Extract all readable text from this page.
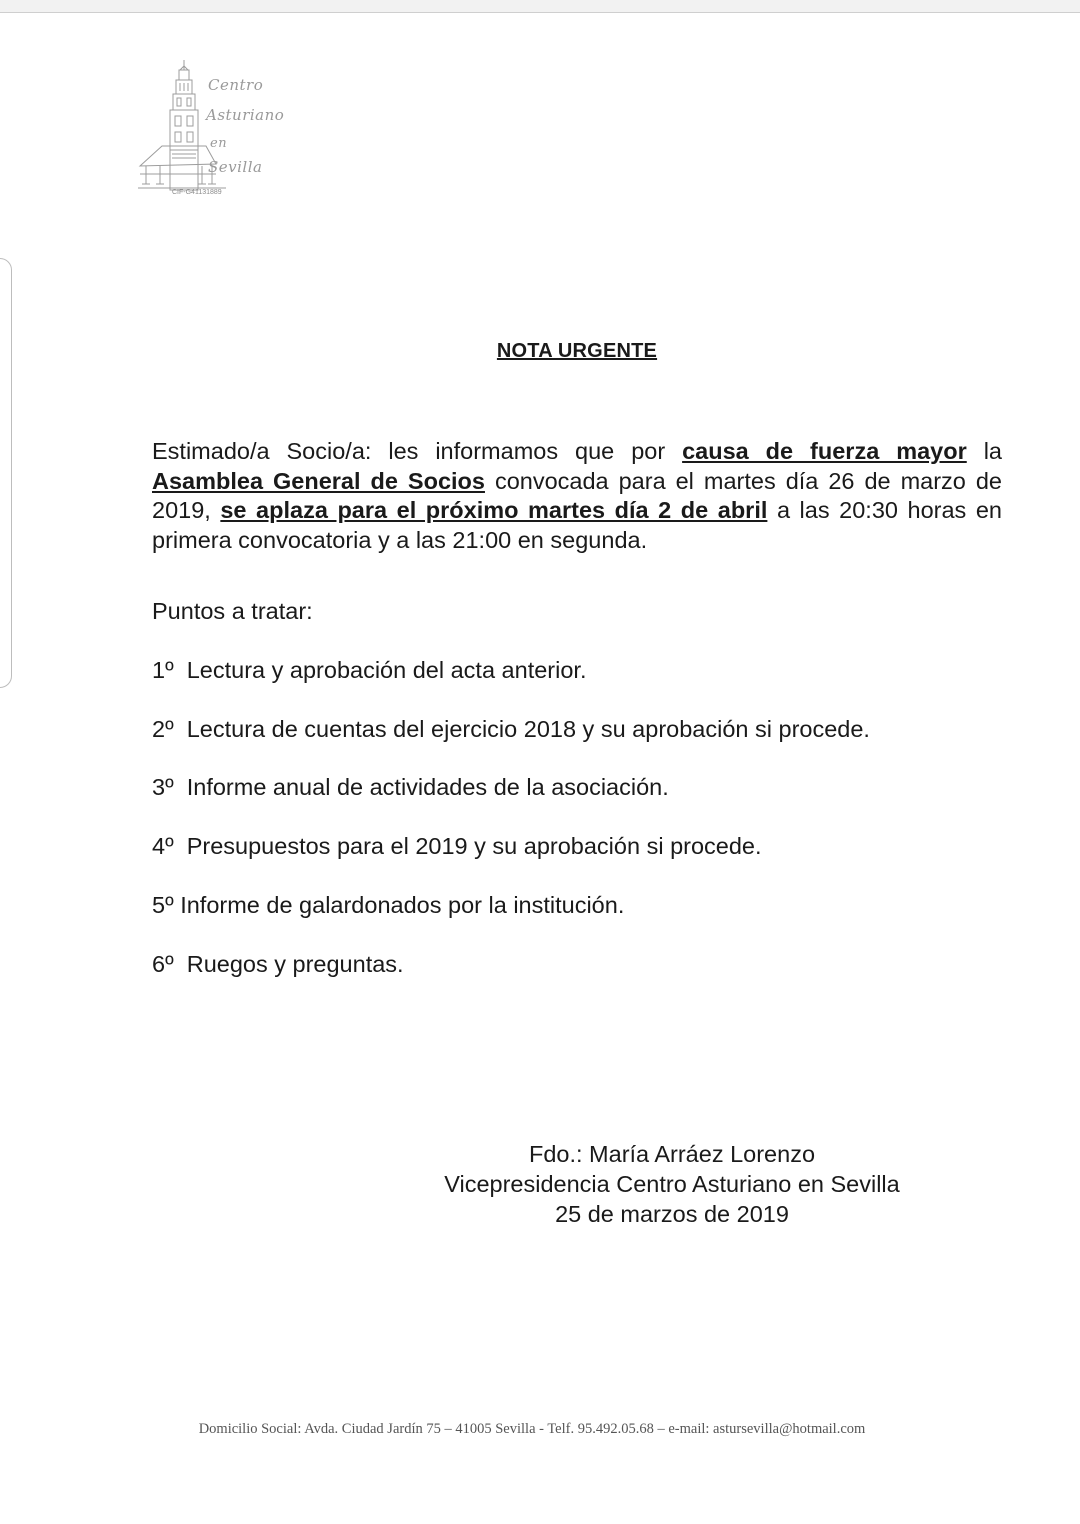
Centro
Asturiano
en
Sevilla
CIF-G41131889
NOTA URGENTE
Estimado/a Socio/a: les informamos que por causa de fuerza mayor la Asamblea General de Socios convocada para el martes día 26 de marzo de 2019, se aplaza para el próximo martes día 2 de abril a las 20:30 horas en primera convocatoria y a las 21:00 en segunda.
Puntos a tratar:
1º Lectura y aprobación del acta anterior.
2º Lectura de cuentas del ejercicio 2018 y su aprobación si procede.
3º Informe anual de actividades de la asociación.
4º Presupuestos para el 2019 y su aprobación si procede.
5º Informe de galardonados por la institución.
6º Ruegos y preguntas.
Fdo.: María Arráez Lorenzo
Vicepresidencia Centro Asturiano en Sevilla
25 de marzos de 2019
Domicilio Social: Avda. Ciudad Jardín 75 – 41005 Sevilla - Telf. 95.492.05.68 – e-mail: astursevilla@hotmail.com
